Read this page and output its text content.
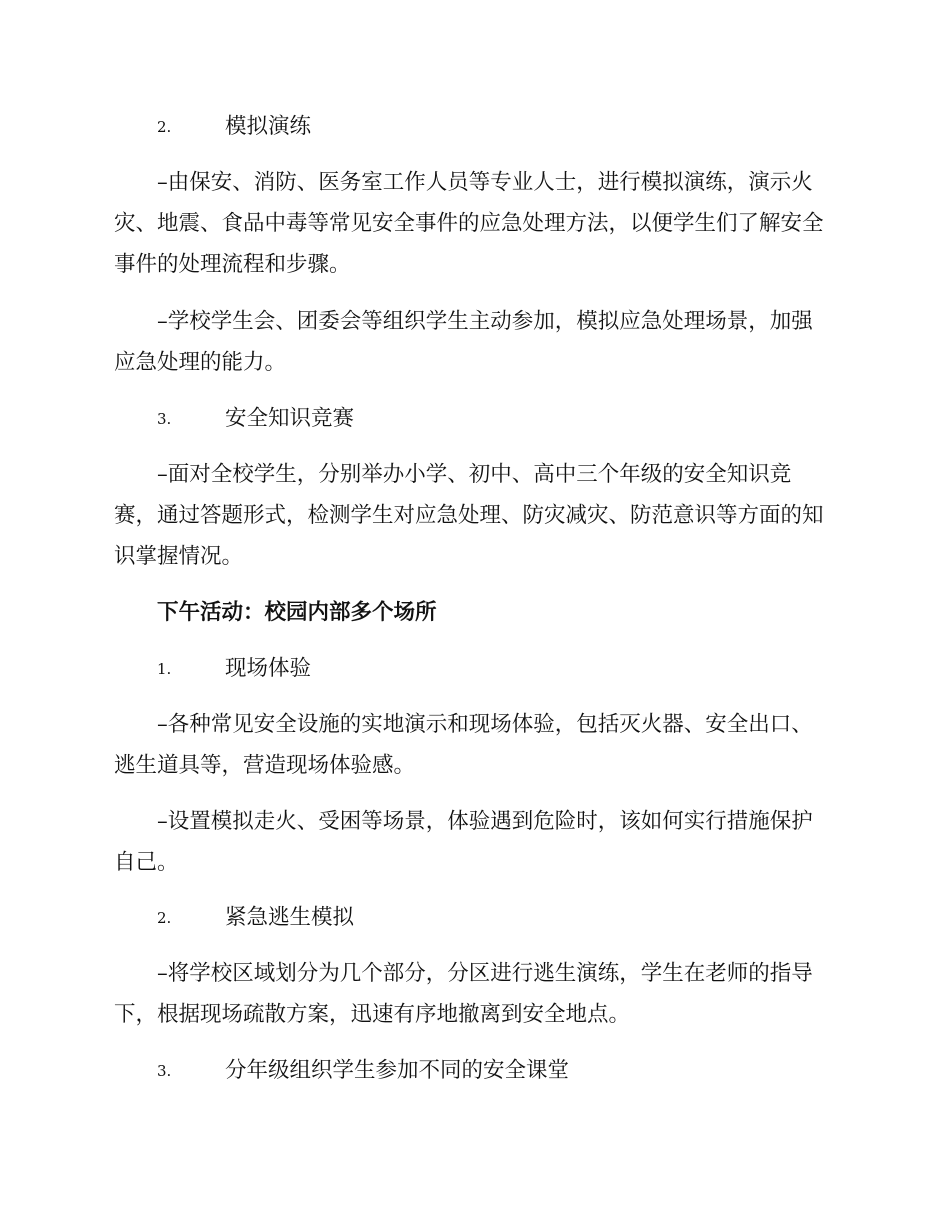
2. 模拟演练
–由保安、消防、医务室工作人员等专业人士，进行模拟演练，演示火
灾、地震、食品中毒等常见安全事件的应急处理方法，以便学生们了解安全
事件的处理流程和步骤。
–学校学生会、团委会等组织学生主动参加，模拟应急处理场景，加强
应急处理的能力。
3. 安全知识竞赛
–面对全校学生，分别举办小学、初中、高中三个年级的安全知识竞
赛，通过答题形式，检测学生对应急处理、防灾减灾、防范意识等方面的知
识掌握情况。
下午活动：校园内部多个场所
1. 现场体验
–各种常见安全设施的实地演示和现场体验，包括灭火器、安全出口、
逃生道具等，营造现场体验感。
–设置模拟走火、受困等场景，体验遇到危险时，该如何实行措施保护
自己。
2. 紧急逃生模拟
–将学校区域划分为几个部分，分区进行逃生演练，学生在老师的指导
下，根据现场疏散方案，迅速有序地撤离到安全地点。
3. 分年级组织学生参加不同的安全课堂
